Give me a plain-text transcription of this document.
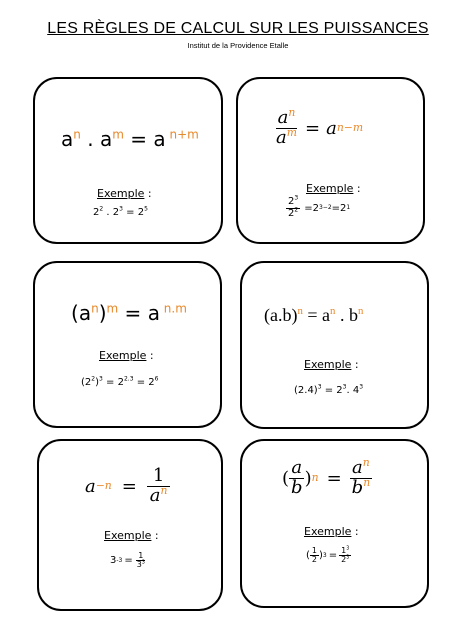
LES RÈGLES DE CALCUL SUR LES PUISSANCES
Institut de la Providence Etalle
$a^n$ . $a^m = a$ $^{n+m}$
Exemple :
$2^2$ . $2^3 = 2^5$
$\frac{a^n}{a^m} = a$ n−m
Exemple :
$\frac{2^3}{2^2} = 2$ 3−2 = 2 1
$(a^n)^m = a$ $^{n.m}$
Exemple :
$(2^2)^3 = 2^{2.3} = 2^6$
$(a.b)^n = a^n$ . $b^n$
Exemple :
$(2.4)^3 = 2^3$. $4^3$
$a -n = \frac{1}{a^n}$
Exemple :
3 $-3 = \frac{1}{3^3}$
( $\frac{a}{b}$ ) $n = \frac{a^n}{b^n}$
Exemple :
( $\frac{1}{2}$ ) $3 = \frac{1^3}{2^3}$
